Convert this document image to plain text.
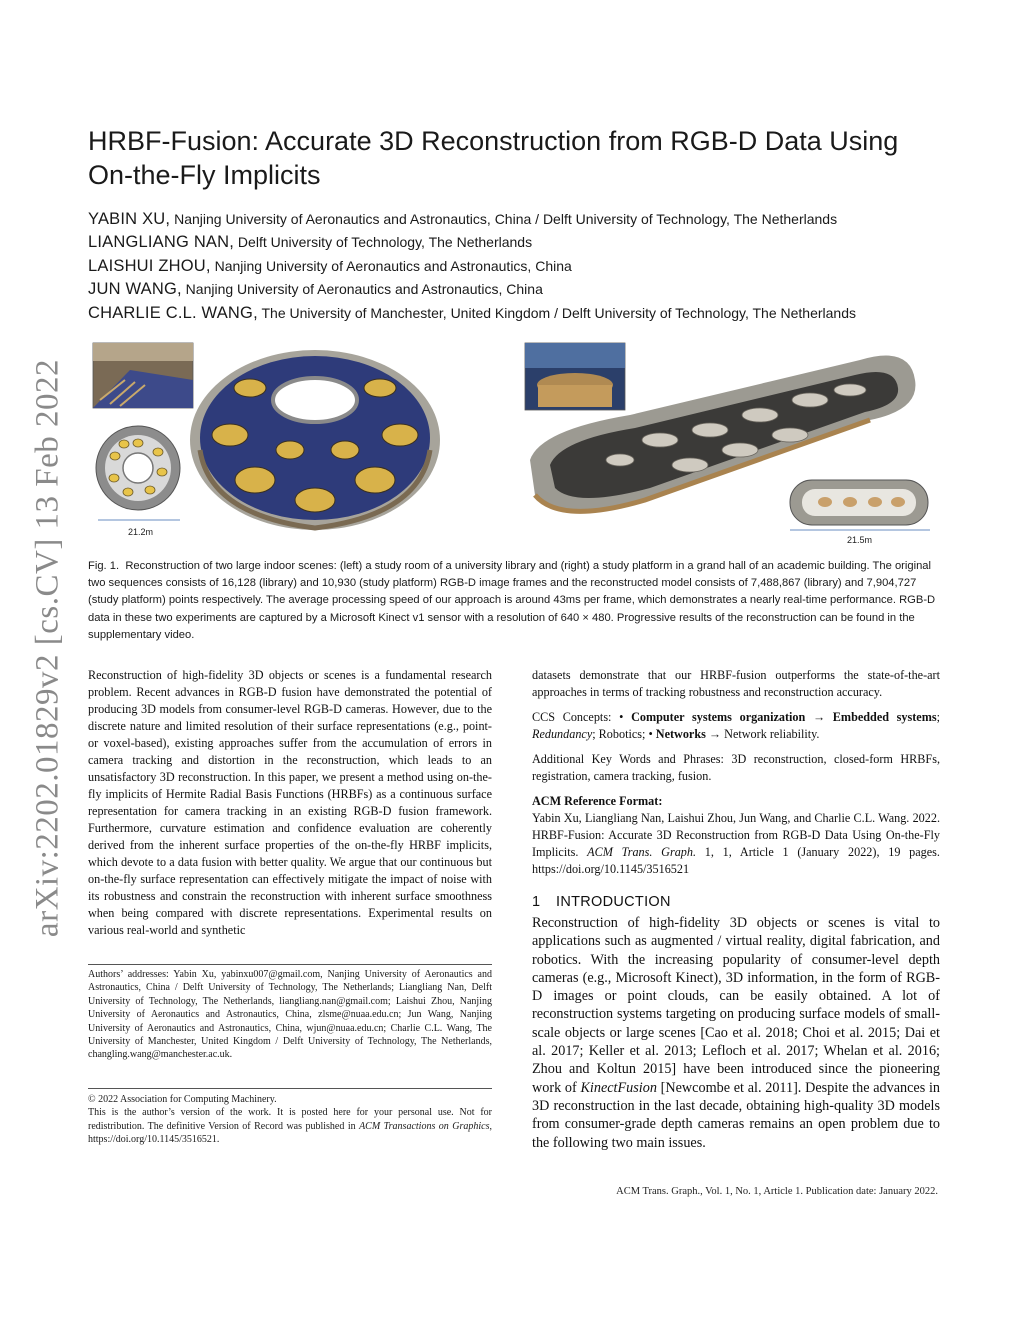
arXiv:2202.01829v2 [cs.CV] 13 Feb 2022
HRBF-Fusion: Accurate 3D Reconstruction from RGB-D Data Using
On-the-Fly Implicits
YABIN XU, Nanjing University of Aeronautics and Astronautics, China / Delft University of Technology, The Netherlands
LIANGLIANG NAN, Delft University of Technology, The Netherlands
LAISHUI ZHOU, Nanjing University of Aeronautics and Astronautics, China
JUN WANG, Nanjing University of Aeronautics and Astronautics, China
CHARLIE C.L. WANG, The University of Manchester, United Kingdom / Delft University of Technology, The Netherlands
21.2m
21.5m
Fig. 1. Reconstruction of two large indoor scenes: (left) a study room of a university library and (right) a study platform in a grand hall of an academic building. The original two sequences consists of 16,128 (library) and 10,930 (study platform) RGB-D image frames and the reconstructed model consists of 7,488,867 (library) and 7,904,727 (study platform) points respectively. The average processing speed of our approach is around 43ms per frame, which demonstrates a nearly real-time performance. RGB-D data in these two experiments are captured by a Microsoft Kinect v1 sensor with a resolution of 640 × 480. Progressive results of the reconstruction can be found in the supplementary video.

Reconstruction of high-fidelity 3D objects or scenes is a fundamental research problem. Recent advances in RGB-D fusion have demonstrated the potential of producing 3D models from consumer-level RGB-D cameras. However, due to the discrete nature and limited resolution of their surface representations (e.g., point- or voxel-based), existing approaches suffer from the accumulation of errors in camera tracking and distortion in the reconstruction, which leads to an unsatisfactory 3D reconstruction. In this paper, we present a method using on-the-fly implicits of Hermite Radial Basis Functions (HRBFs) as a continuous surface representation for camera tracking in an existing RGB-D fusion framework. Furthermore, curvature estimation and confidence evaluation are coherently derived from the inherent surface properties of the on-the-fly HRBF implicits, which devote to a data fusion with better quality. We argue that our continuous but on-the-fly surface representation can effectively mitigate the impact of noise with its robustness and constrain the reconstruction with inherent surface smoothness when being compared with discrete representations. Experimental results on various real-world and synthetic

Authors’ addresses: Yabin Xu, yabinxu007@gmail.com, Nanjing University of Aeronautics and Astronautics, China / Delft University of Technology, The Netherlands; Liangliang Nan, Delft University of Technology, The Netherlands, liangliang.nan@gmail.com; Laishui Zhou, Nanjing University of Aeronautics and Astronautics, China, zlsme@nuaa.edu.cn; Jun Wang, Nanjing University of Aeronautics and Astronautics, China, wjun@nuaa.edu.cn; Charlie C.L. Wang, The University of Manchester, United Kingdom / Delft University of Technology, The Netherlands, changling.wang@manchester.ac.uk.
© 2022 Association for Computing Machinery.
This is the author’s version of the work. It is posted here for your personal use. Not for redistribution. The definitive Version of Record was published in ACM Transactions on Graphics, https://doi.org/10.1145/3516521.

datasets demonstrate that our HRBF-fusion outperforms the state-of-the-art approaches in terms of tracking robustness and reconstruction accuracy.

CCS Concepts: • Computer systems organization → Embedded systems; Redundancy; Robotics; • Networks → Network reliability.

Additional Key Words and Phrases: 3D reconstruction, closed-form HRBFs, registration, camera tracking, fusion.

ACM Reference Format:

Yabin Xu, Liangliang Nan, Laishui Zhou, Jun Wang, and Charlie C.L. Wang. 2022. HRBF-Fusion: Accurate 3D Reconstruction from RGB-D Data Using On-the-Fly Implicits. ACM Trans. Graph. 1, 1, Article 1 (January 2022), 19 pages. https://doi.org/10.1145/3516521

1 INTRODUCTION

Reconstruction of high-fidelity 3D objects or scenes is vital to applications such as augmented / virtual reality, digital fabrication, and robotics. With the increasing popularity of consumer-level depth cameras (e.g., Microsoft Kinect), 3D information, in the form of RGB-D images or point clouds, can be easily obtained. A lot of reconstruction systems targeting on producing surface models of small-scale objects or large scenes [Cao et al. 2018; Choi et al. 2015; Dai et al. 2017; Keller et al. 2013; Lefloch et al. 2017; Whelan et al. 2016; Zhou and Koltun 2015] have been introduced since the pioneering work of KinectFusion [Newcombe et al. 2011]. Despite the advances in 3D reconstruction in the last decade, obtaining high-quality 3D models from consumer-grade depth cameras remains an open problem due to the following two main issues.

ACM Trans. Graph., Vol. 1, No. 1, Article 1. Publication date: January 2022.
